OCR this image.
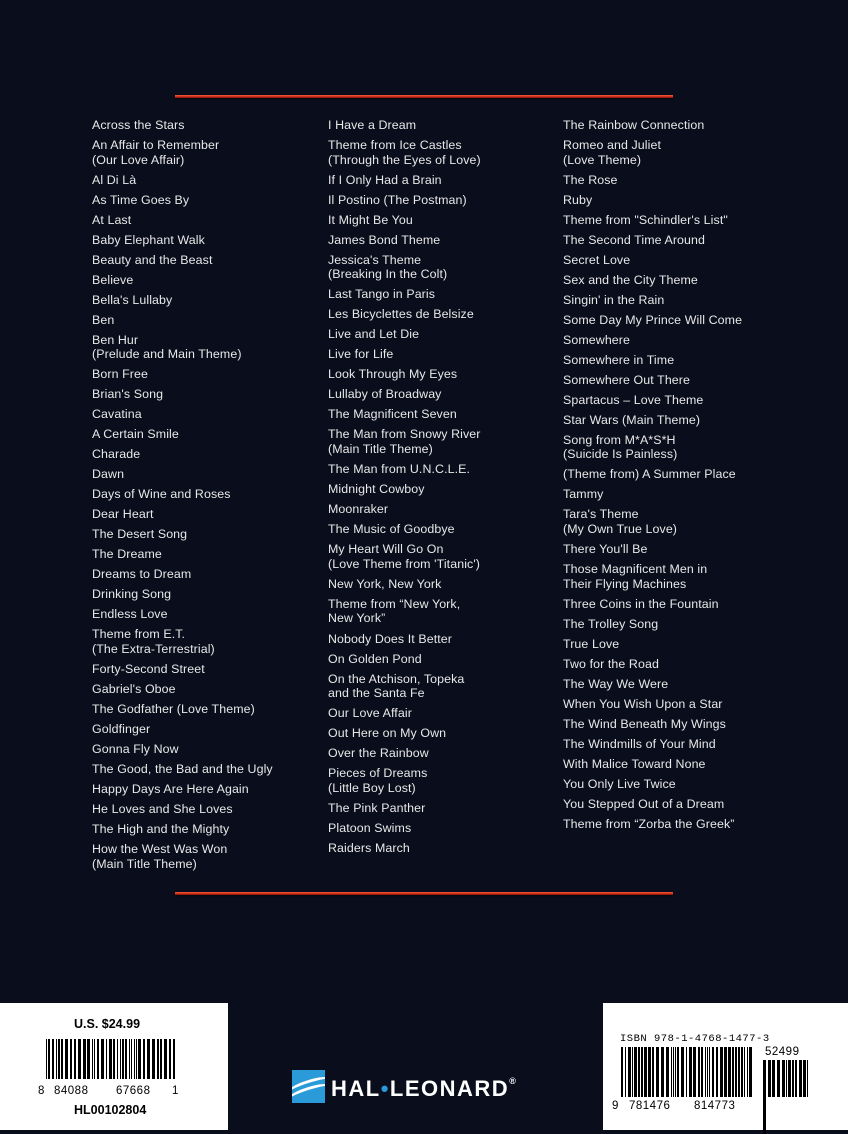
Across the Stars
An Affair to Remember
(Our Love Affair)
Al Di Là
As Time Goes By
At Last
Baby Elephant Walk
Beauty and the Beast
Believe
Bella's Lullaby
Ben
Ben Hur
(Prelude and Main Theme)
Born Free
Brian's Song
Cavatina
A Certain Smile
Charade
Dawn
Days of Wine and Roses
Dear Heart
The Desert Song
The Dreame
Dreams to Dream
Drinking Song
Endless Love
Theme from E.T.
(The Extra-Terrestrial)
Forty-Second Street
Gabriel's Oboe
The Godfather (Love Theme)
Goldfinger
Gonna Fly Now
The Good, the Bad and the Ugly
Happy Days Are Here Again
He Loves and She Loves
The High and the Mighty
How the West Was Won
(Main Title Theme)
I Have a Dream
Theme from Ice Castles
(Through the Eyes of Love)
If I Only Had a Brain
Il Postino (The Postman)
It Might Be You
James Bond Theme
Jessica's Theme
(Breaking In the Colt)
Last Tango in Paris
Les Bicyclettes de Belsize
Live and Let Die
Live for Life
Look Through My Eyes
Lullaby of Broadway
The Magnificent Seven
The Man from Snowy River
(Main Title Theme)
The Man from U.N.C.L.E.
Midnight Cowboy
Moonraker
The Music of Goodbye
My Heart Will Go On
(Love Theme from 'Titanic')
New York, New York
Theme from “New York,
New York”
Nobody Does It Better
On Golden Pond
On the Atchison, Topeka
and the Santa Fe
Our Love Affair
Out Here on My Own
Over the Rainbow
Pieces of Dreams
(Little Boy Lost)
The Pink Panther
Platoon Swims
Raiders March
The Rainbow Connection
Romeo and Juliet
(Love Theme)
The Rose
Ruby
Theme from "Schindler's List"
The Second Time Around
Secret Love
Sex and the City Theme
Singin' in the Rain
Some Day My Prince Will Come
Somewhere
Somewhere in Time
Somewhere Out There
Spartacus – Love Theme
Star Wars (Main Theme)
Song from M*A*S*H
(Suicide Is Painless)
(Theme from) A Summer Place
Tammy
Tara's Theme
(My Own True Love)
There You'll Be
Those Magnificent Men in
Their Flying Machines
Three Coins in the Fountain
The Trolley Song
True Love
Two for the Road
The Way We Were
When You Wish Upon a Star
The Wind Beneath My Wings
The Windmills of Your Mind
With Malice Toward None
You Only Live Twice
You Stepped Out of a Dream
Theme from “Zorba the Greek”
U.S. $24.99
8 84088 67668 1
HL00102804
HAL•LEONARD®
ISBN 978-1-4768-1477-3
52499
9 781476 814773
